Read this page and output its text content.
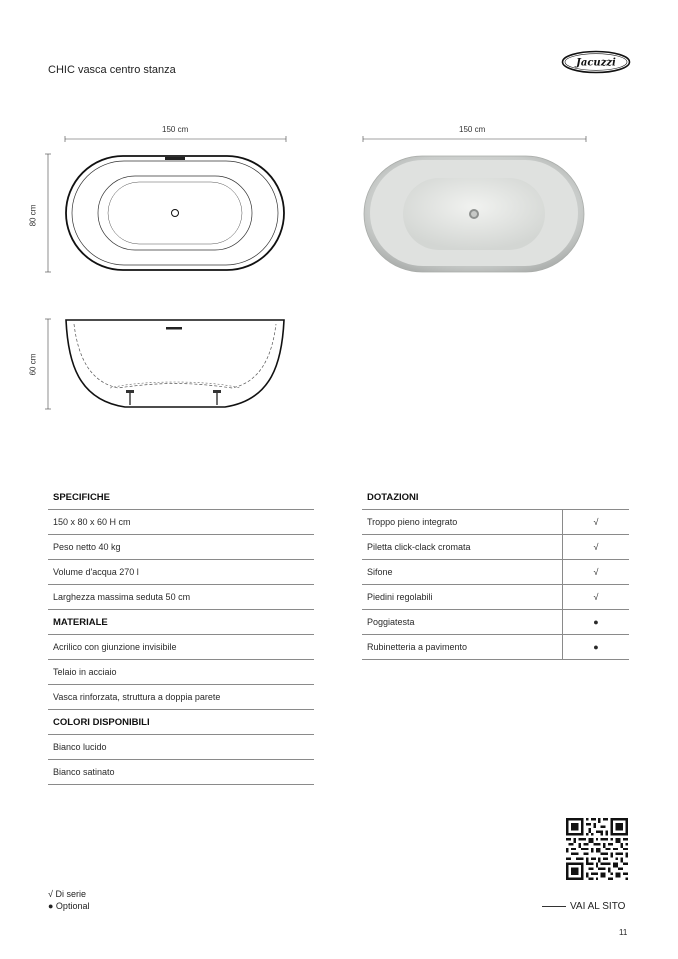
CHIC vasca centro stanza
Jacuzzi
150 cm
80 cm
150 cm
60 cm
SPECIFICHE
150 x 80 x 60 H cm
Peso netto 40 kg
Volume d'acqua 270 l
Larghezza massima seduta 50 cm
MATERIALE
Acrilico con giunzione invisibile
Telaio in acciaio
Vasca rinforzata, struttura a doppia parete
COLORI DISPONIBILI
Bianco lucido
Bianco satinato
DOTAZIONI
Troppo pieno integrato	√
Piletta click-clack cromata	√
Sifone	√
Piedini regolabili	√
Poggiatesta	●
Rubinetteria a pavimento	●
√ Di serie
● Optional	VAI AL SITO
11
